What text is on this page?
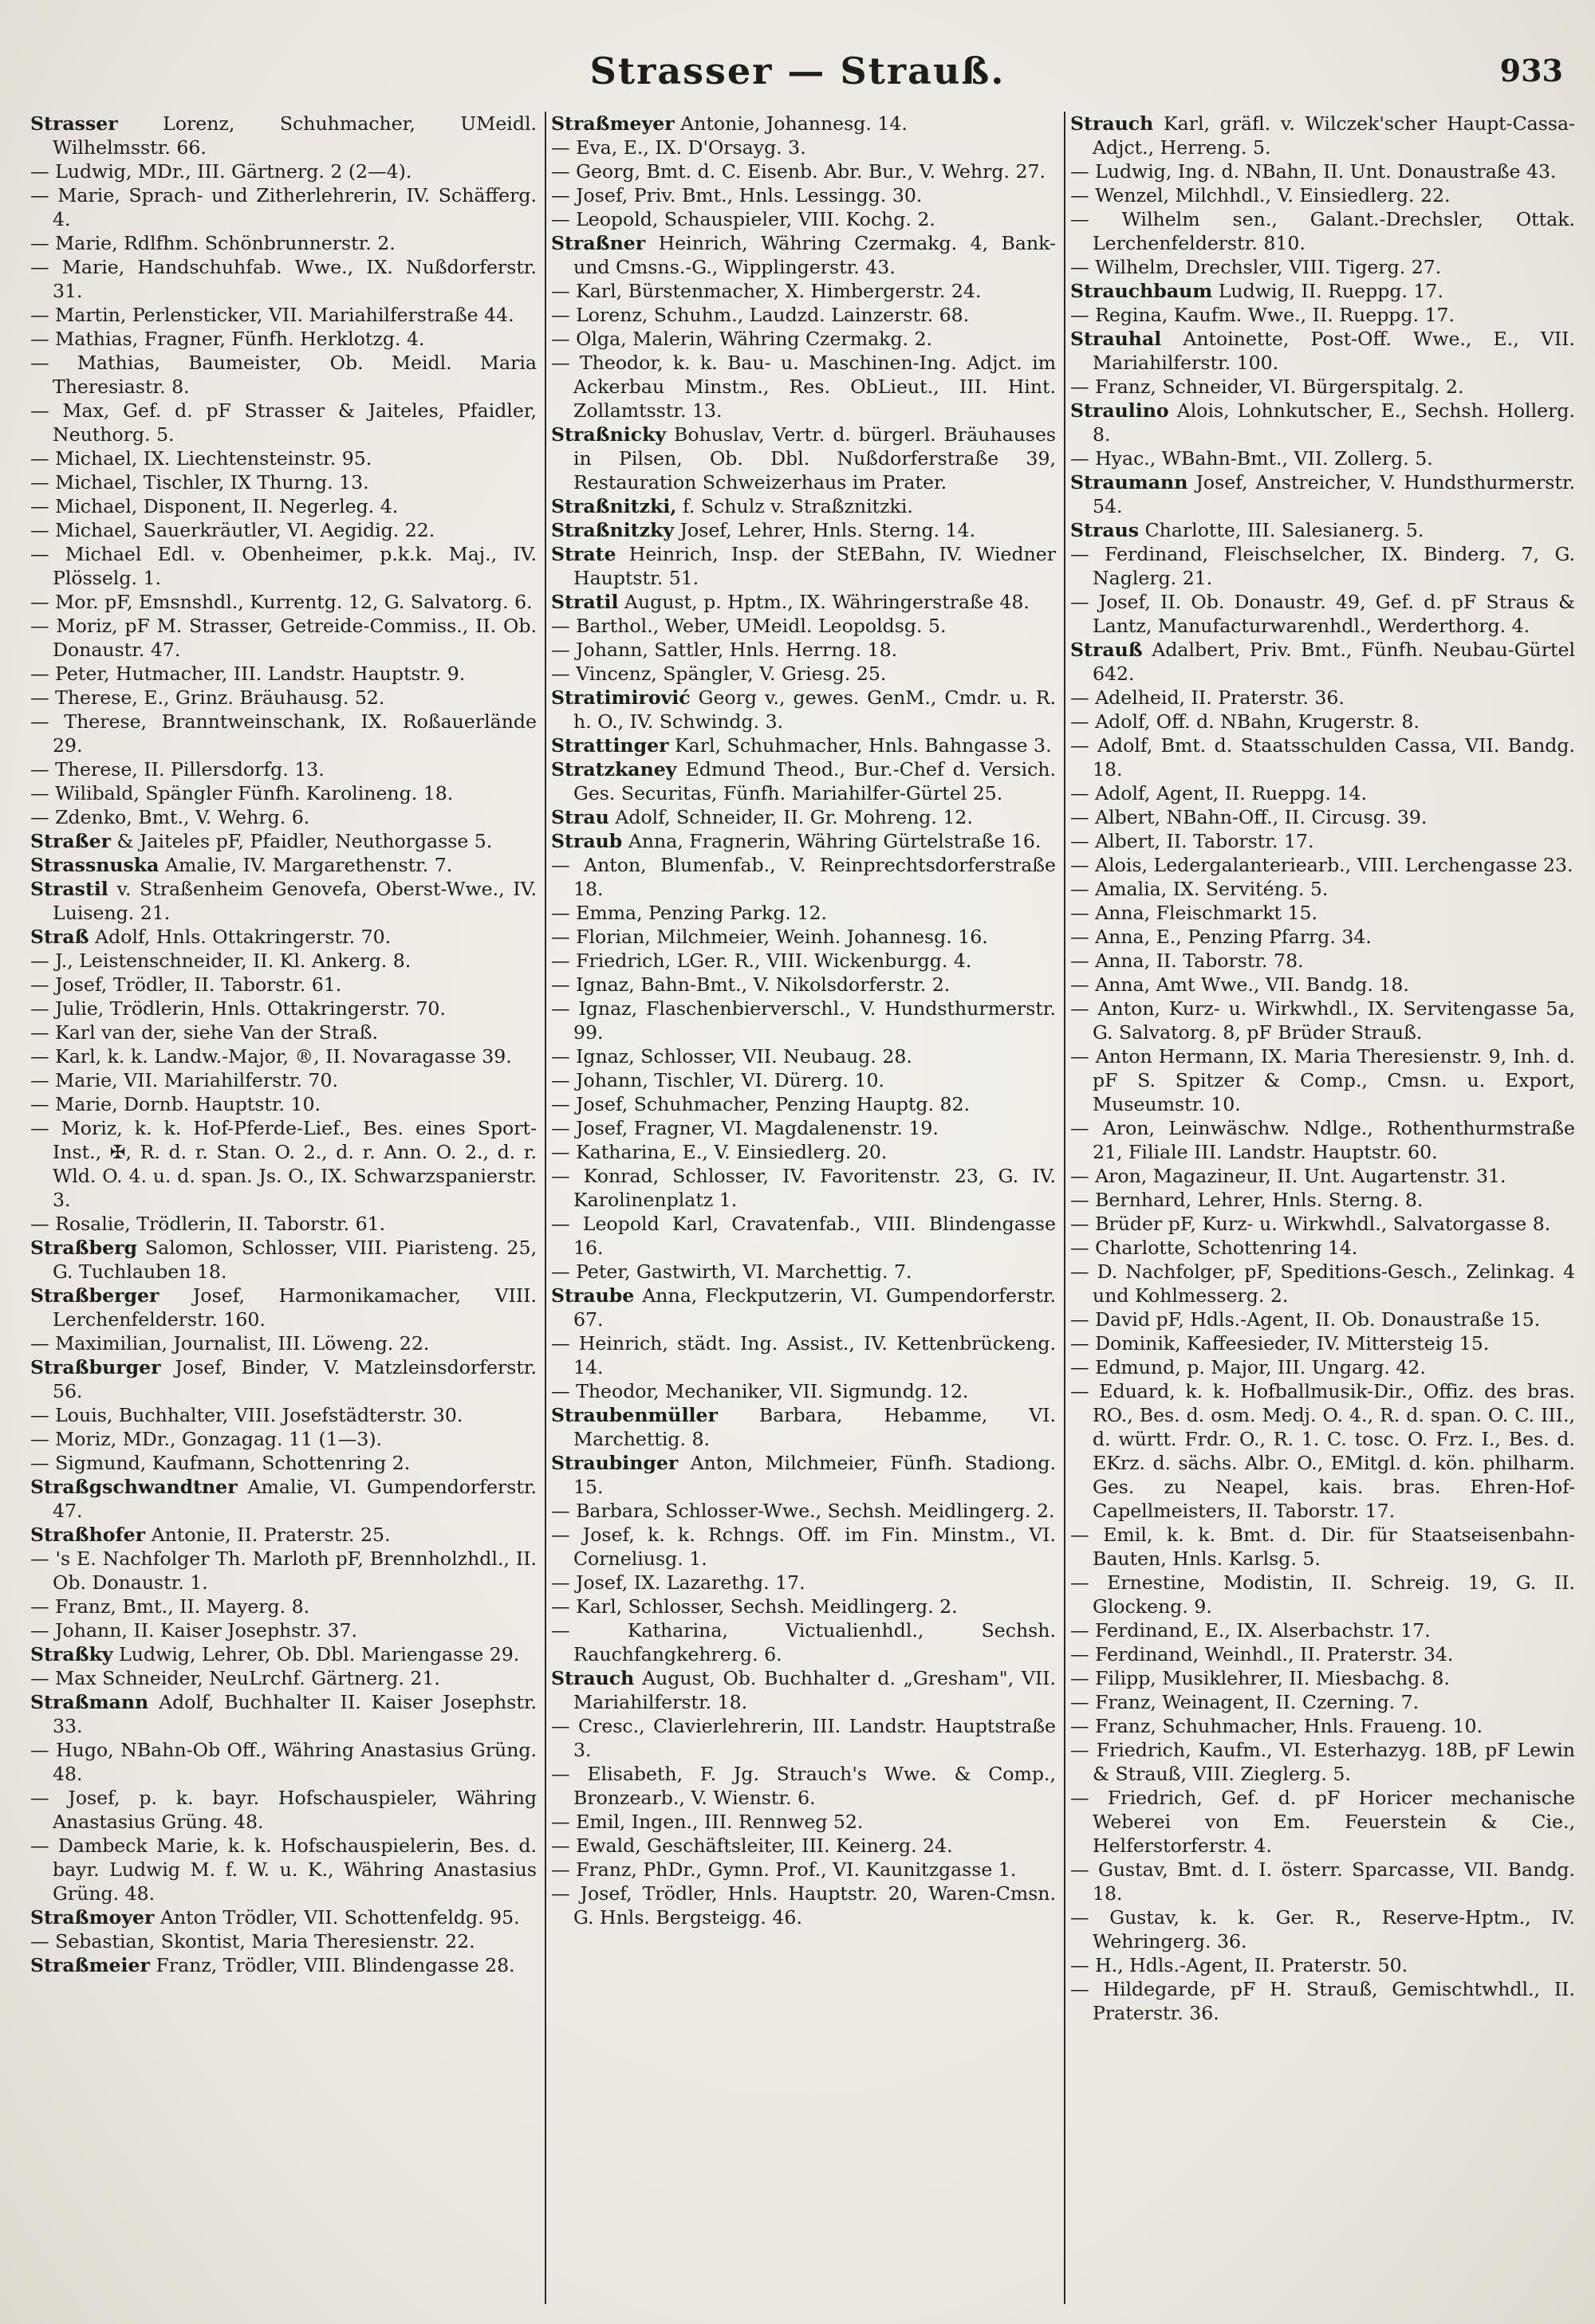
Strasser — Strauß.	933
Strasser Lorenz, Schuhmacher, UMeidl. Wilhelmsstr. 66.
— Ludwig, MDr., III. Gärtnerg. 2 (2—4).
— Marie, Sprach- und Zitherlehrerin, IV. Schäfferg. 4.
— Marie, Rdlfhm. Schönbrunnerstr. 2.
— Marie, Handschuhfab. Wwe., IX. Nußdorferstr. 31.
— Martin, Perlensticker, VII. Mariahilferstraße 44.
— Mathias, Fragner, Fünfh. Herklotzg. 4.
— Mathias, Baumeister, Ob. Meidl. Maria Theresiastr. 8.
— Max, Gef. d. pF Strasser & Jaiteles, Pfaidler, Neuthorg. 5.
— Michael, IX. Liechtensteinstr. 95.
— Michael, Tischler, IX Thurng. 13.
— Michael, Disponent, II. Negerleg. 4.
— Michael, Sauerkräutler, VI. Aegidig. 22.
— Michael Edl. v. Obenheimer, p.k.k. Maj., IV. Plösselg. 1.
— Mor. pF, Emsnshdl., Kurrentg. 12, G. Salvatorg. 6.
— Moriz, pF M. Strasser, Getreide-Commiss., II. Ob. Donaustr. 47.
— Peter, Hutmacher, III. Landstr. Hauptstr. 9.
— Therese, E., Grinz. Bräuhausg. 52.
— Therese, Branntweinschank, IX. Roßauerlände 29.
— Therese, II. Pillersdorfg. 13.
— Wilibald, Spängler Fünfh. Karolineng. 18.
— Zdenko, Bmt., V. Wehrg. 6.
Straßer & Jaiteles pF, Pfaidler, Neuthorgasse 5.
Strassnuska Amalie, IV. Margarethenstr. 7.
Strastil v. Straßenheim Genovefa, Oberst-Wwe., IV. Luiseng. 21.
Straß Adolf, Hnls. Ottakringerstr. 70.
— J., Leistenschneider, II. Kl. Ankerg. 8.
— Josef, Trödler, II. Taborstr. 61.
— Julie, Trödlerin, Hnls. Ottakringerstr. 70.
— Karl van der, siehe Van der Straß.
— Karl, k. k. Landw.-Major, ®, II. Novaragasse 39.
— Marie, VII. Mariahilferstr. 70.
— Marie, Dornb. Hauptstr. 10.
— Moriz, k. k. Hof-Pferde-Lief., Bes. eines Sport-Inst., ✠, R. d. r. Stan. O. 2., d. r. Ann. O. 2., d. r. Wld. O. 4. u. d. span. Js. O., IX. Schwarzspanierstr. 3.
— Rosalie, Trödlerin, II. Taborstr. 61.
Straßberg Salomon, Schlosser, VIII. Piaristeng. 25, G. Tuchlauben 18.
Straßberger Josef, Harmonikamacher, VIII. Lerchenfelderstr. 160.
— Maximilian, Journalist, III. Löweng. 22.
Straßburger Josef, Binder, V. Matzleinsdorferstr. 56.
— Louis, Buchhalter, VIII. Josefstädterstr. 30.
— Moriz, MDr., Gonzagag. 11 (1—3).
— Sigmund, Kaufmann, Schottenring 2.
Straßgschwandtner Amalie, VI. Gumpendorferstr. 47.
Straßhofer Antonie, II. Praterstr. 25.
— 's E. Nachfolger Th. Marloth pF, Brennholzhdl., II. Ob. Donaustr. 1.
— Franz, Bmt., II. Mayerg. 8.
— Johann, II. Kaiser Josephstr. 37.
Straßky Ludwig, Lehrer, Ob. Dbl. Mariengasse 29.
— Max Schneider, NeuLrchf. Gärtnerg. 21.
Straßmann Adolf, Buchhalter II. Kaiser Josephstr. 33.
— Hugo, NBahn-Ob Off., Währing Anastasius Grüng. 48.
— Josef, p. k. bayr. Hofschauspieler, Währing Anastasius Grüng. 48.
— Dambeck Marie, k. k. Hofschauspielerin, Bes. d. bayr. Ludwig M. f. W. u. K., Währing Anastasius Grüng. 48.
Straßmoyer Anton Trödler, VII. Schottenfeldg. 95.
— Sebastian, Skontist, Maria Theresienstr. 22.
Straßmeier Franz, Trödler, VIII. Blindengasse 28.
Straßmeyer Antonie, Johannesg. 14.
— Eva, E., IX. D'Orsayg. 3.
— Georg, Bmt. d. C. Eisenb. Abr. Bur., V. Wehrg. 27.
— Josef, Priv. Bmt., Hnls. Lessingg. 30.
— Leopold, Schauspieler, VIII. Kochg. 2.
Straßner Heinrich, Währing Czermakg. 4, Bank- und Cmsns.-G., Wipplingerstr. 43.
— Karl, Bürstenmacher, X. Himbergerstr. 24.
— Lorenz, Schuhm., Laudzd. Lainzerstr. 68.
— Olga, Malerin, Währing Czermakg. 2.
— Theodor, k. k. Bau- u. Maschinen-Ing. Adjct. im Ackerbau Minstm., Res. ObLieut., III. Hint. Zollamtsstr. 13.
Straßnicky Bohuslav, Vertr. d. bürgerl. Bräuhauses in Pilsen, Ob. Dbl. Nußdorferstraße 39, Restauration Schweizerhaus im Prater.
Straßnitzki, f. Schulz v. Straßznitzki.
Straßnitzky Josef, Lehrer, Hnls. Sterng. 14.
Strate Heinrich, Insp. der StEBahn, IV. Wiedner Hauptstr. 51.
Stratil August, p. Hptm., IX. Währingerstraße 48.
— Barthol., Weber, UMeidl. Leopoldsg. 5.
— Johann, Sattler, Hnls. Herrng. 18.
— Vincenz, Spängler, V. Griesg. 25.
Stratimirović Georg v., gewes. GenM., Cmdr. u. R. h. O., IV. Schwindg. 3.
Strattinger Karl, Schuhmacher, Hnls. Bahngasse 3.
Stratzkaney Edmund Theod., Bur.-Chef d. Versich. Ges. Securitas, Fünfh. Mariahilfer-Gürtel 25.
Strau Adolf, Schneider, II. Gr. Mohreng. 12.
Straub Anna, Fragnerin, Währing Gürtelstraße 16.
— Anton, Blumenfab., V. Reinprechtsdorferstraße 18.
— Emma, Penzing Parkg. 12.
— Florian, Milchmeier, Weinh. Johannesg. 16.
— Friedrich, LGer. R., VIII. Wickenburgg. 4.
— Ignaz, Bahn-Bmt., V. Nikolsdorferstr. 2.
— Ignaz, Flaschenbierverschl., V. Hundsthurmerstr. 99.
— Ignaz, Schlosser, VII. Neubaug. 28.
— Johann, Tischler, VI. Dürerg. 10.
— Josef, Schuhmacher, Penzing Hauptg. 82.
— Josef, Fragner, VI. Magdalenenstr. 19.
— Katharina, E., V. Einsiedlerg. 20.
— Konrad, Schlosser, IV. Favoritenstr. 23, G. IV. Karolinenplatz 1.
— Leopold Karl, Cravatenfab., VIII. Blindengasse 16.
— Peter, Gastwirth, VI. Marchettig. 7.
Straube Anna, Fleckputzerin, VI. Gumpendorferstr. 67.
— Heinrich, städt. Ing. Assist., IV. Kettenbrückeng. 14.
— Theodor, Mechaniker, VII. Sigmundg. 12.
Straubenmüller Barbara, Hebamme, VI. Marchettig. 8.
Straubinger Anton, Milchmeier, Fünfh. Stadiong. 15.
— Barbara, Schlosser-Wwe., Sechsh. Meidlingerg. 2.
— Josef, k. k. Rchngs. Off. im Fin. Minstm., VI. Corneliusg. 1.
— Josef, IX. Lazarethg. 17.
— Karl, Schlosser, Sechsh. Meidlingerg. 2.
— Katharina, Victualienhdl., Sechsh. Rauchfangkehrerg. 6.
Strauch August, Ob. Buchhalter d. „Gresham", VII. Mariahilferstr. 18.
— Cresc., Clavierlehrerin, III. Landstr. Hauptstraße 3.
— Elisabeth, F. Jg. Strauch's Wwe. & Comp., Bronzearb., V. Wienstr. 6.
— Emil, Ingen., III. Rennweg 52.
— Ewald, Geschäftsleiter, III. Keinerg. 24.
— Franz, PhDr., Gymn. Prof., VI. Kaunitzgasse 1.
— Josef, Trödler, Hnls. Hauptstr. 20, Waren-Cmsn. G. Hnls. Bergsteigg. 46.
Strauch Karl, gräfl. v. Wilczek'scher Haupt-Cassa-Adjct., Herreng. 5.
— Ludwig, Ing. d. NBahn, II. Unt. Donaustraße 43.
— Wenzel, Milchhdl., V. Einsiedlerg. 22.
— Wilhelm sen., Galant.-Drechsler, Ottak. Lerchenfelderstr. 810.
— Wilhelm, Drechsler, VIII. Tigerg. 27.
Strauchbaum Ludwig, II. Rueppg. 17.
— Regina, Kaufm. Wwe., II. Rueppg. 17.
Strauhal Antoinette, Post-Off. Wwe., E., VII. Mariahilferstr. 100.
— Franz, Schneider, VI. Bürgerspitalg. 2.
Straulino Alois, Lohnkutscher, E., Sechsh. Hollerg. 8.
— Hyac., WBahn-Bmt., VII. Zollerg. 5.
Straumann Josef, Anstreicher, V. Hundsthurmerstr. 54.
Straus Charlotte, III. Salesianerg. 5.
— Ferdinand, Fleischselcher, IX. Binderg. 7, G. Naglerg. 21.
— Josef, II. Ob. Donaustr. 49, Gef. d. pF Straus & Lantz, Manufacturwarenhdl., Werderthorg. 4.
Strauß Adalbert, Priv. Bmt., Fünfh. Neubau-Gürtel 642.
— Adelheid, II. Praterstr. 36.
— Adolf, Off. d. NBahn, Krugerstr. 8.
— Adolf, Bmt. d. Staatsschulden Cassa, VII. Bandg. 18.
— Adolf, Agent, II. Rueppg. 14.
— Albert, NBahn-Off., II. Circusg. 39.
— Albert, II. Taborstr. 17.
— Alois, Ledergalanteriearb., VIII. Lerchengasse 23.
— Amalia, IX. Serviténg. 5.
— Anna, Fleischmarkt 15.
— Anna, E., Penzing Pfarrg. 34.
— Anna, II. Taborstr. 78.
— Anna, Amt Wwe., VII. Bandg. 18.
— Anton, Kurz- u. Wirkwhdl., IX. Servitengasse 5a, G. Salvatorg. 8, pF Brüder Strauß.
— Anton Hermann, IX. Maria Theresienstr. 9, Inh. d. pF S. Spitzer & Comp., Cmsn. u. Export, Museumstr. 10.
— Aron, Leinwäschw. Ndlge., Rothenthurmstraße 21, Filiale III. Landstr. Hauptstr. 60.
— Aron, Magazineur, II. Unt. Augartenstr. 31.
— Bernhard, Lehrer, Hnls. Sterng. 8.
— Brüder pF, Kurz- u. Wirkwhdl., Salvatorgasse 8.
— Charlotte, Schottenring 14.
— D. Nachfolger, pF, Speditions-Gesch., Zelinkag. 4 und Kohlmesserg. 2.
— David pF, Hdls.-Agent, II. Ob. Donaustraße 15.
— Dominik, Kaffeesieder, IV. Mittersteig 15.
— Edmund, p. Major, III. Ungarg. 42.
— Eduard, k. k. Hofballmusik-Dir., Offiz. des bras. RO., Bes. d. osm. Medj. O. 4., R. d. span. O. C. III., d. württ. Frdr. O., R. 1. C. tosc. O. Frz. I., Bes. d. EKrz. d. sächs. Albr. O., EMitgl. d. kön. philharm. Ges. zu Neapel, kais. bras. Ehren-Hof-Capellmeisters, II. Taborstr. 17.
— Emil, k. k. Bmt. d. Dir. für Staatseisenbahn-Bauten, Hnls. Karlsg. 5.
— Ernestine, Modistin, II. Schreig. 19, G. II. Glockeng. 9.
— Ferdinand, E., IX. Alserbachstr. 17.
— Ferdinand, Weinhdl., II. Praterstr. 34.
— Filipp, Musiklehrer, II. Miesbachg. 8.
— Franz, Weinagent, II. Czerning. 7.
— Franz, Schuhmacher, Hnls. Fraueng. 10.
— Friedrich, Kaufm., VI. Esterhazyg. 18B, pF Lewin & Strauß, VIII. Zieglerg. 5.
— Friedrich, Gef. d. pF Horicer mechanische Weberei von Em. Feuerstein & Cie., Helferstorferstr. 4.
— Gustav, Bmt. d. I. österr. Sparcasse, VII. Bandg. 18.
— Gustav, k. k. Ger. R., Reserve-Hptm., IV. Wehringerg. 36.
— H., Hdls.-Agent, II. Praterstr. 50.
— Hildegarde, pF H. Strauß, Gemischtwhdl., II. Praterstr. 36.
